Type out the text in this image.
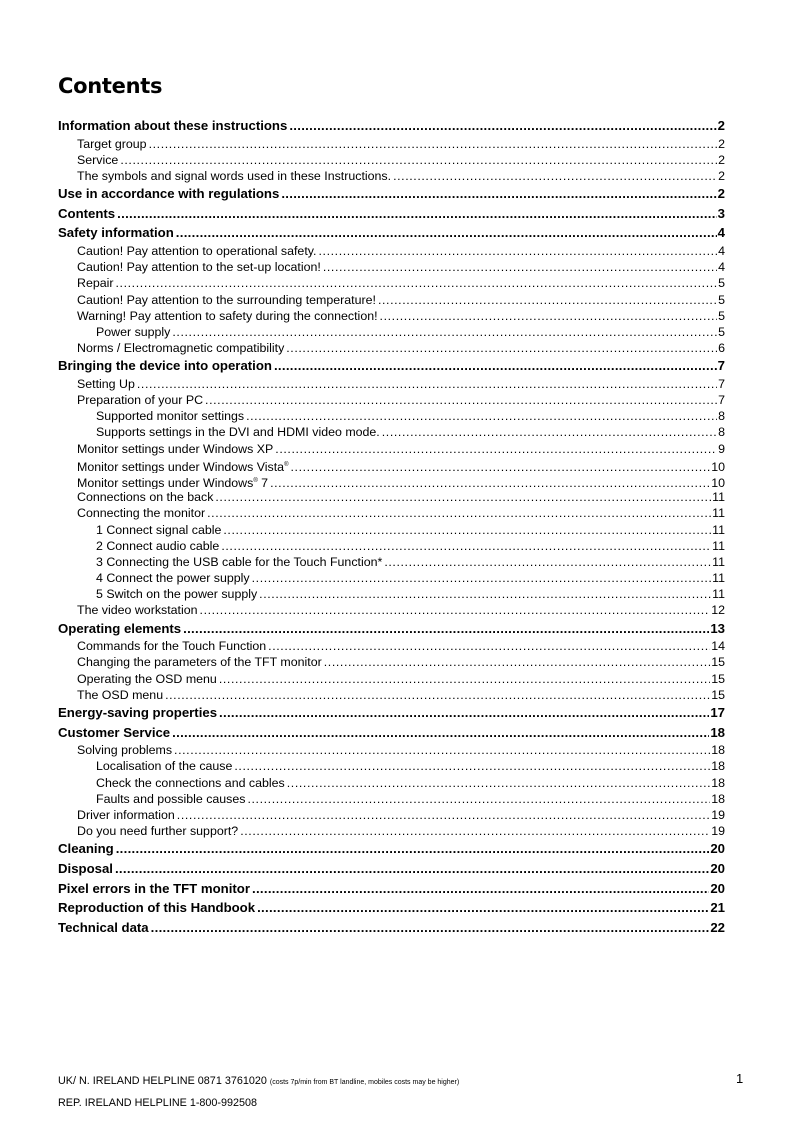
Contents
Information about these instructions .....	2
Target group .....	2
Service .....	2
The symbols and signal words used in these Instructions. .....	2
Use in accordance with regulations .....	2
Contents .....	3
Safety information .....	4
Caution! Pay attention to operational safety. .....	4
Caution! Pay attention to the set-up location! .....	4
Repair .....	5
Caution! Pay attention to the surrounding temperature! .....	5
Warning! Pay attention to safety during the connection! .....	5
Power supply .....	5
Norms / Electromagnetic compatibility .....	6
Bringing the device into operation .....	7
Setting Up .....	7
Preparation of your PC .....	7
Supported monitor settings .....	8
Supports settings in the DVI and HDMI video mode. .....	8
Monitor settings under Windows XP .....	9
Monitor settings under Windows Vista® .....	10
Monitor settings under Windows® 7 .....	10
Connections on the back .....	11
Connecting the monitor .....	11
1 Connect signal cable .....	11
2 Connect audio cable .....	11
3 Connecting the USB cable for the Touch Function* .....	11
4 Connect the power supply .....	11
5 Switch on the power supply .....	11
The video workstation .....	12
Operating elements .....	13
Commands for the Touch Function .....	14
Changing the parameters of the TFT monitor .....	15
Operating the OSD menu .....	15
The OSD menu .....	15
Energy-saving properties .....	17
Customer Service .....	18
Solving problems .....	18
Localisation of the cause .....	18
Check the connections and cables .....	18
Faults and possible causes .....	18
Driver information .....	19
Do you need further support? .....	19
Cleaning .....	20
Disposal .....	20
Pixel errors in the TFT monitor .....	20
Reproduction of this Handbook .....	21
Technical data .....	22
UK/ N. IRELAND HELPLINE 0871 3761020 (costs 7p/min from BT landline, mobiles costs may be higher)
REP. IRELAND HELPLINE 1-800-992508
1
